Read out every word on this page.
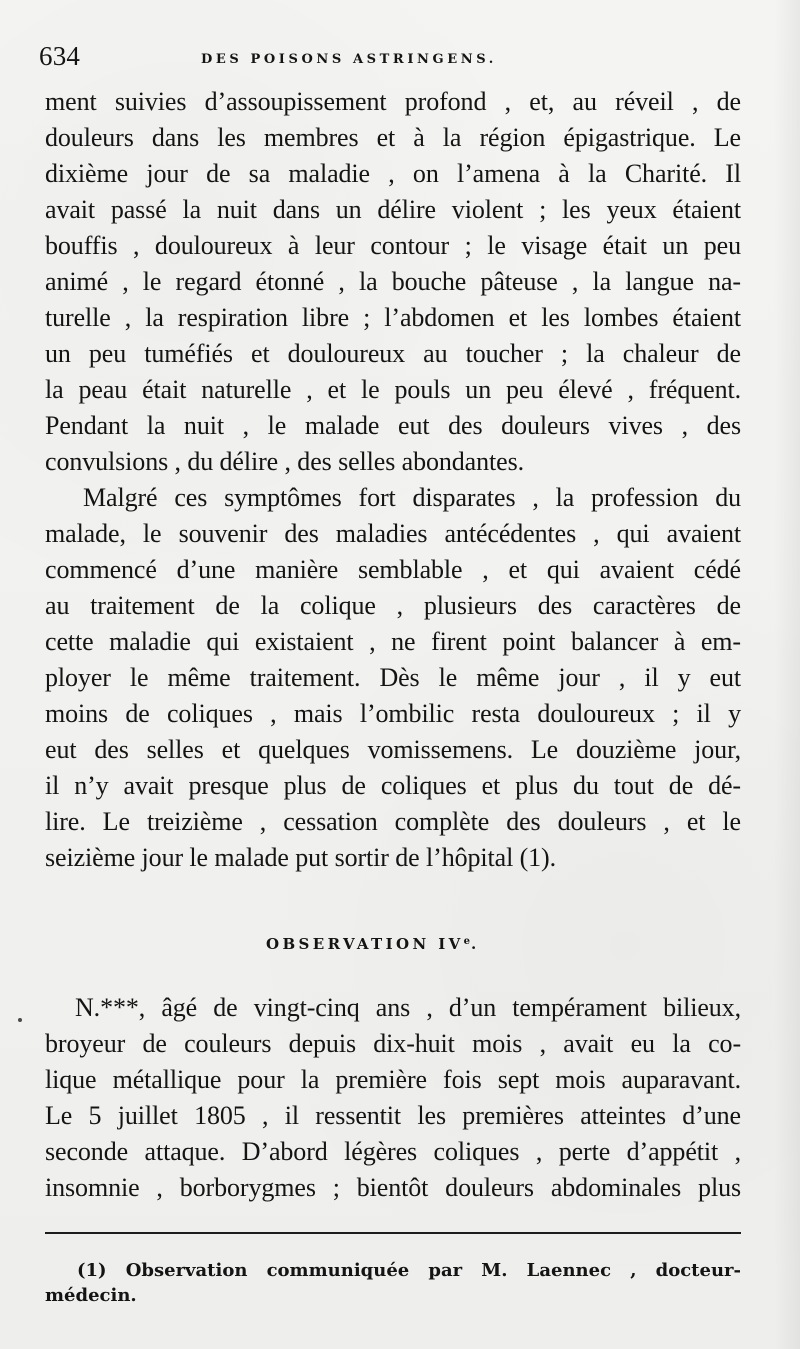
634	DES POISONS ASTRINGENS.
ment suivies d’assoupissement profond , et, au réveil , de
douleurs dans les membres et à la région épigastrique. Le
dixième jour de sa maladie , on l’amena à la Charité. Il
avait passé la nuit dans un délire violent ; les yeux étaient
bouffis , douloureux à leur contour ; le visage était un peu
animé , le regard étonné , la bouche pâteuse , la langue na-
turelle , la respiration libre ; l’abdomen et les lombes étaient
un peu tuméfiés et douloureux au toucher ; la chaleur de
la peau était naturelle , et le pouls un peu élevé , fréquent.
Pendant la nuit , le malade eut des douleurs vives , des
convulsions , du délire , des selles abondantes.
Malgré ces symptômes fort disparates , la profession du
malade, le souvenir des maladies antécédentes , qui avaient
commencé d’une manière semblable , et qui avaient cédé
au traitement de la colique , plusieurs des caractères de
cette maladie qui existaient , ne firent point balancer à em-
ployer le même traitement. Dès le même jour , il y eut
moins de coliques , mais l’ombilic resta douloureux ; il y
eut des selles et quelques vomissemens. Le douzième jour,
il n’y avait presque plus de coliques et plus du tout de dé-
lire. Le treizième , cessation complète des douleurs , et le
seizième jour le malade put sortir de l’hôpital (1).
OBSERVATION IVe.
N.***, âgé de vingt-cinq ans , d’un tempérament bilieux,
broyeur de couleurs depuis dix-huit mois , avait eu la co-
lique métallique pour la première fois sept mois auparavant.
Le 5 juillet 1805 , il ressentit les premières atteintes d’une
seconde attaque. D’abord légères coliques , perte d’appétit ,
insomnie , borborygmes ; bientôt douleurs abdominales plus
(1) Observation communiquée par M. Laennec , docteur-
médecin.
